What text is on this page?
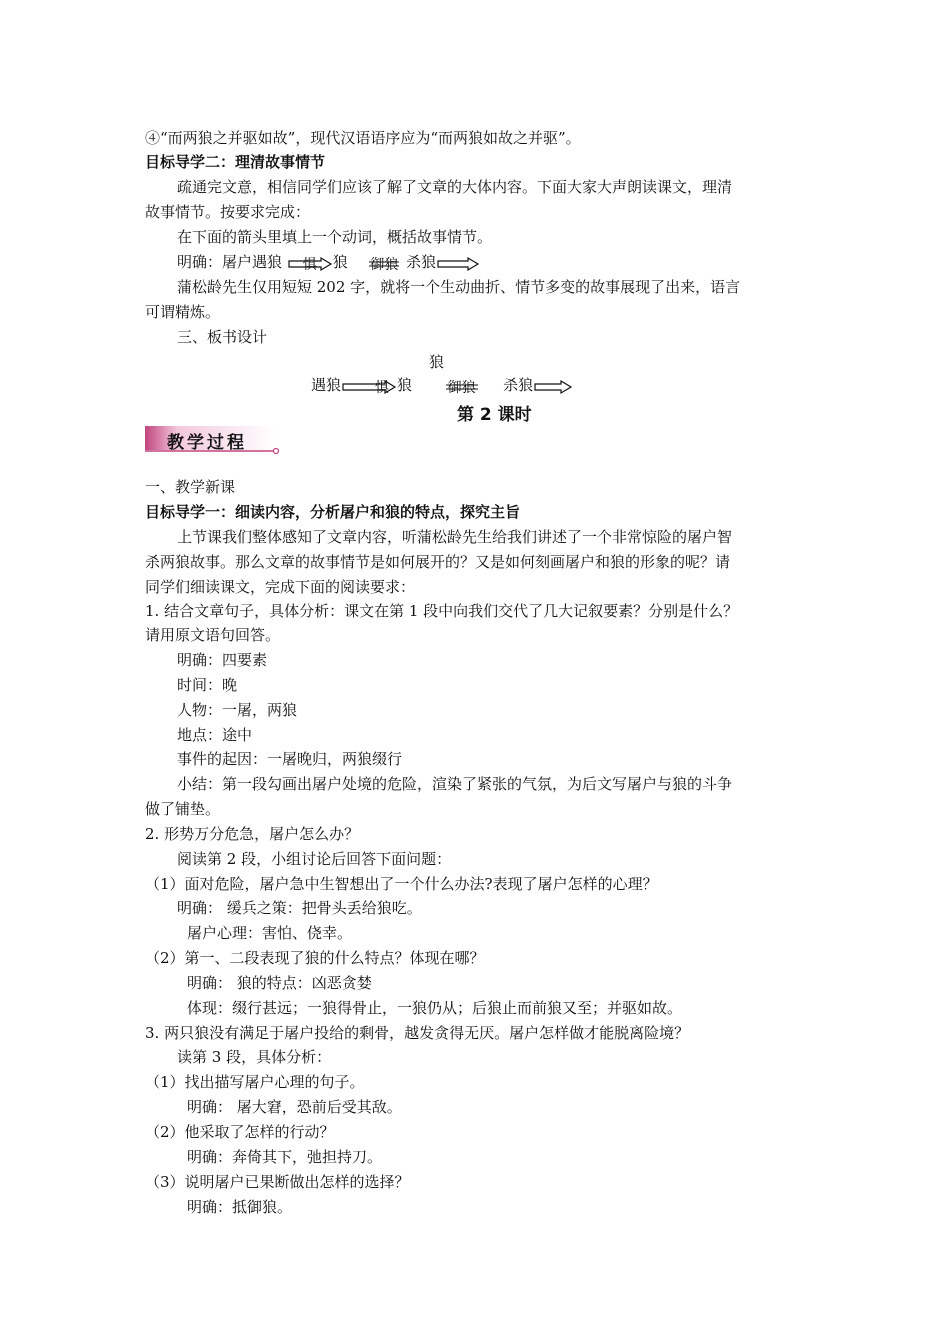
④“而两狼之并驱如故”，现代汉语语序应为“而两狼如故之并驱”。
目标导学二：理清故事情节
疏通完文意，相信同学们应该了解了文章的大体内容。下面大家大声朗读课文，理清
故事情节。按要求完成：
在下面的箭头里填上一个动词，概括故事情节。
明确：屠户遇狼	惧	狼 御狼 杀狼
蒲松龄先生仅用短短 202 字，就将一个生动曲折、情节多变的故事展现了出来，语言
可谓精炼。
三、板书设计
狼
遇狼	惧 狼	御狼 杀狼
第 2 课时
教学过程
一、教学新课
目标导学一：细读内容，分析屠户和狼的特点，探究主旨
上节课我们整体感知了文章内容，听蒲松龄先生给我们讲述了一个非常惊险的屠户智
杀两狼故事。那么文章的故事情节是如何展开的？又是如何刻画屠户和狼的形象的呢？请
同学们细读课文，完成下面的阅读要求：
1. 结合文章句子，具体分析：课文在第 1 段中向我们交代了几大记叙要素？分别是什么？
请用原文语句回答。
明确：四要素
时间：晚
人物：一屠，两狼
地点：途中
事件的起因：一屠晚归，两狼缀行
小结：第一段勾画出屠户处境的危险，渲染了紧张的气氛，为后文写屠户与狼的斗争
做了铺垫。
2. 形势万分危急，屠户怎么办？
阅读第 2 段，小组讨论后回答下面问题：
（1）面对危险，屠户急中生智想出了一个什么办法?表现了屠户怎样的心理？
明确： 缓兵之策：把骨头丢给狼吃。
屠户心理：害怕、侥幸。
（2）第一、二段表现了狼的什么特点？体现在哪？
明确： 狼的特点：凶恶贪婪
体现：缀行甚远；一狼得骨止，一狼仍从；后狼止而前狼又至；并驱如故。
3. 两只狼没有满足于屠户投给的剩骨，越发贪得无厌。屠户怎样做才能脱离险境？
读第 3 段，具体分析：
（1）找出描写屠户心理的句子。
明确： 屠大窘，恐前后受其敌。
（2）他采取了怎样的行动？
明确：奔倚其下，弛担持刀。
（3）说明屠户已果断做出怎样的选择？
明确：抵御狼。
